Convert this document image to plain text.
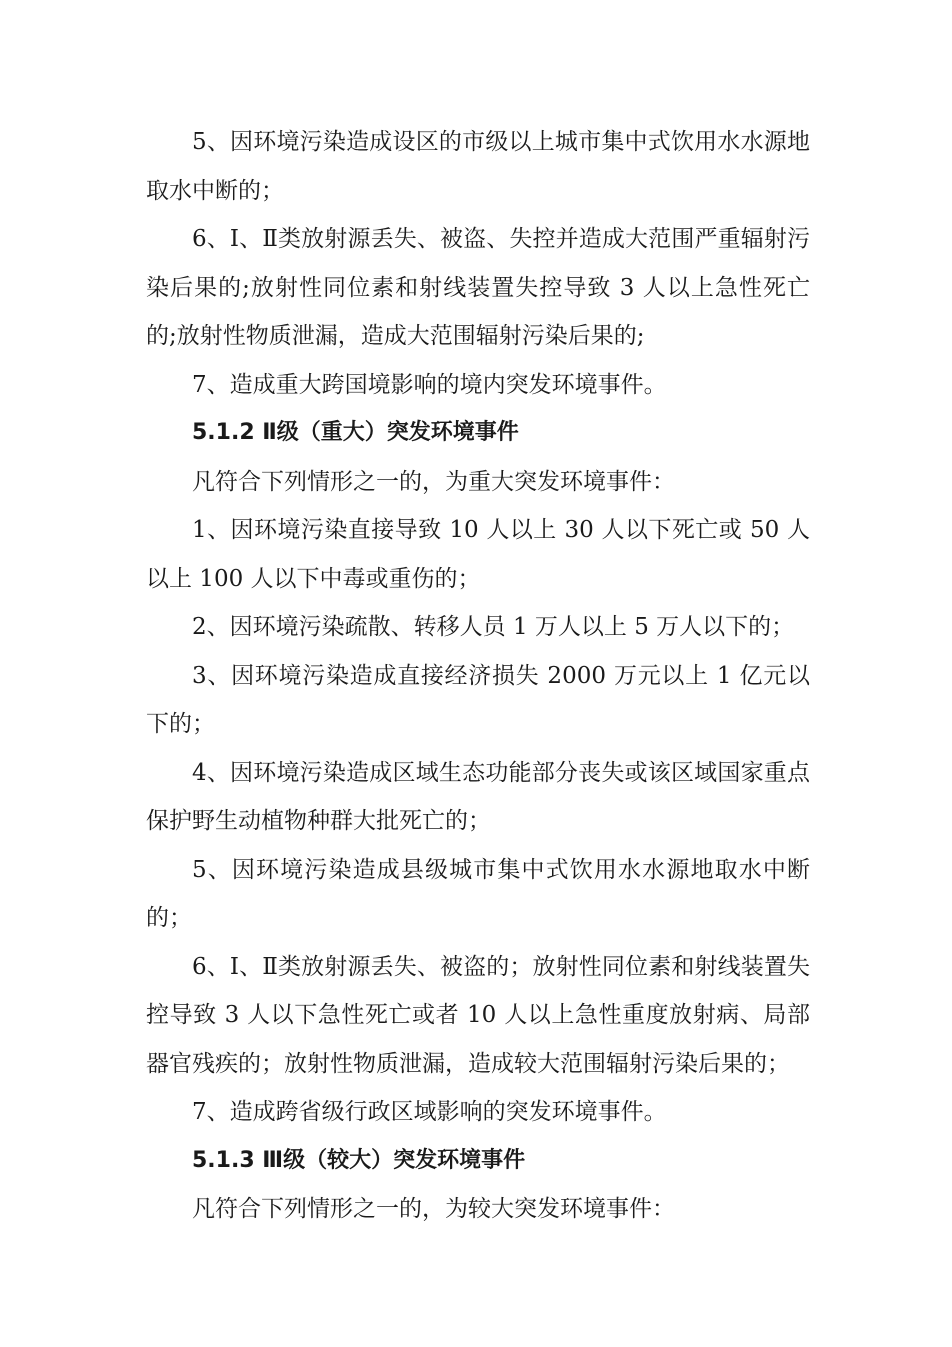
5、因环境污染造成设区的市级以上城市集中式饮用水水源地取水中断的；

6、Ⅰ、Ⅱ类放射源丢失、被盗、失控并造成大范围严重辐射污染后果的;放射性同位素和射线装置失控导致 3 人以上急性死亡的;放射性物质泄漏，造成大范围辐射污染后果的;

7、造成重大跨国境影响的境内突发环境事件。

5.1.2 Ⅱ级（重大）突发环境事件

凡符合下列情形之一的，为重大突发环境事件：

1、因环境污染直接导致 10 人以上 30 人以下死亡或 50 人以上 100 人以下中毒或重伤的；

2、因环境污染疏散、转移人员 1 万人以上 5 万人以下的；

3、因环境污染造成直接经济损失 2000 万元以上 1 亿元以下的；

4、因环境污染造成区域生态功能部分丧失或该区域国家重点保护野生动植物种群大批死亡的；

5、因环境污染造成县级城市集中式饮用水水源地取水中断的；

6、Ⅰ、Ⅱ类放射源丢失、被盗的；放射性同位素和射线装置失控导致 3 人以下急性死亡或者 10 人以上急性重度放射病、局部器官残疾的；放射性物质泄漏，造成较大范围辐射污染后果的；

7、造成跨省级行政区域影响的突发环境事件。

5.1.3 Ⅲ级（较大）突发环境事件

凡符合下列情形之一的，为较大突发环境事件：
